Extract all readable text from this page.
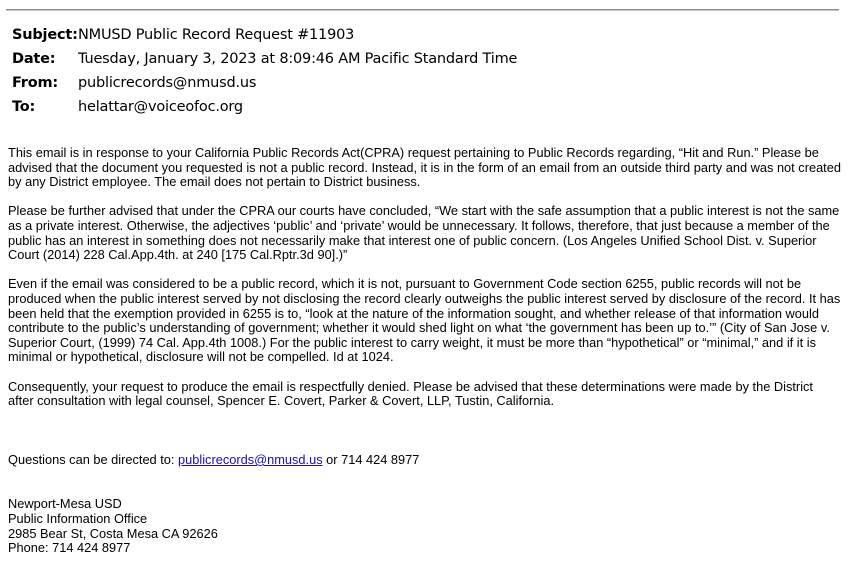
Subject:NMUSD Public Record Request #11903
Date: Tuesday, January 3, 2023 at 8:09:46 AM Pacific Standard Time
From: publicrecords@nmusd.us
To:	helattar@voiceofoc.org

This email is in response to your California Public Records Act(CPRA) request pertaining to Public Records regarding, “Hit and Run.” Please be advised that the document you requested is not a public record. Instead, it is in the form of an email from an outside third party and was not created by any District employee. The email does not pertain to District business.

Please be further advised that under the CPRA our courts have concluded, “We start with the safe assumption that a public interest is not the same as a private interest. Otherwise, the adjectives ‘public’ and ‘private’ would be unnecessary. It follows, therefore, that just because a member of the public has an interest in something does not necessarily make that interest one of public concern. (Los Angeles Unified School Dist. v. Superior Court (2014) 228 Cal.App.4th. at 240 [175 Cal.Rptr.3d 90].)”

Even if the email was considered to be a public record, which it is not, pursuant to Government Code section 6255, public records will not be produced when the public interest served by not disclosing the record clearly outweighs the public interest served by disclosure of the record. It has been held that the exemption provided in 6255 is to, “look at the nature of the information sought, and whether release of that information would contribute to the public’s understanding of government; whether it would shed light on what ‘the government has been up to.’” (City of San Jose v. Superior Court, (1999) 74 Cal. App.4th 1008.) For the public interest to carry weight, it must be more than “hypothetical” or “minimal,” and if it is minimal or hypothetical, disclosure will not be compelled. Id at 1024.

Consequently, your request to produce the email is respectfully denied. Please be advised that these determinations were made by the District after consultation with legal counsel, Spencer E. Covert, Parker & Covert, LLP, Tustin, California.

Questions can be directed to: publicrecords@nmusd.us or 714 424 8977
Newport-Mesa USD
Public Information Office
2985 Bear St, Costa Mesa CA 92626
Phone: 714 424 8977
